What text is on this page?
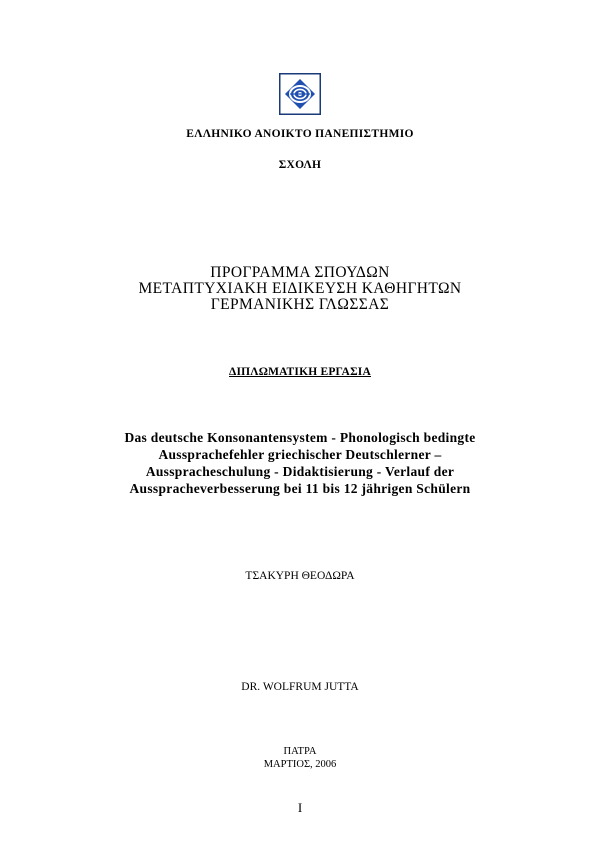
ΕΛΛΗΝΙΚΟ ΑΝΟΙΚΤΟ ΠΑΝΕΠΙΣΤΗΜΙΟ
ΣΧΟΛΗ
ΠΡΟΓΡΑΜΜΑ ΣΠΟΥΔΩΝ
ΜΕΤΑΠΤΥΧΙΑΚΗ ΕΙΔΙΚΕΥΣΗ ΚΑΘΗΓΗΤΩΝ
ΓΕΡΜΑΝΙΚΗΣ ΓΛΩΣΣΑΣ
ΔΙΠΛΩΜΑΤΙΚΗ ΕΡΓΑΣΙΑ
Das deutsche Konsonantensystem - Phonologisch bedingte
Aussprachefehler griechischer Deutschlerner –
Ausspracheschulung - Didaktisierung - Verlauf der
Ausspracheverbesserung bei 11 bis 12 jährigen Schülern
ΤΣΑΚΥΡΗ ΘΕΟΔΩΡΑ
DR. WOLFRUM JUTTA
ΠΑΤΡΑ
ΜΑΡΤΙΟΣ, 2006
I
